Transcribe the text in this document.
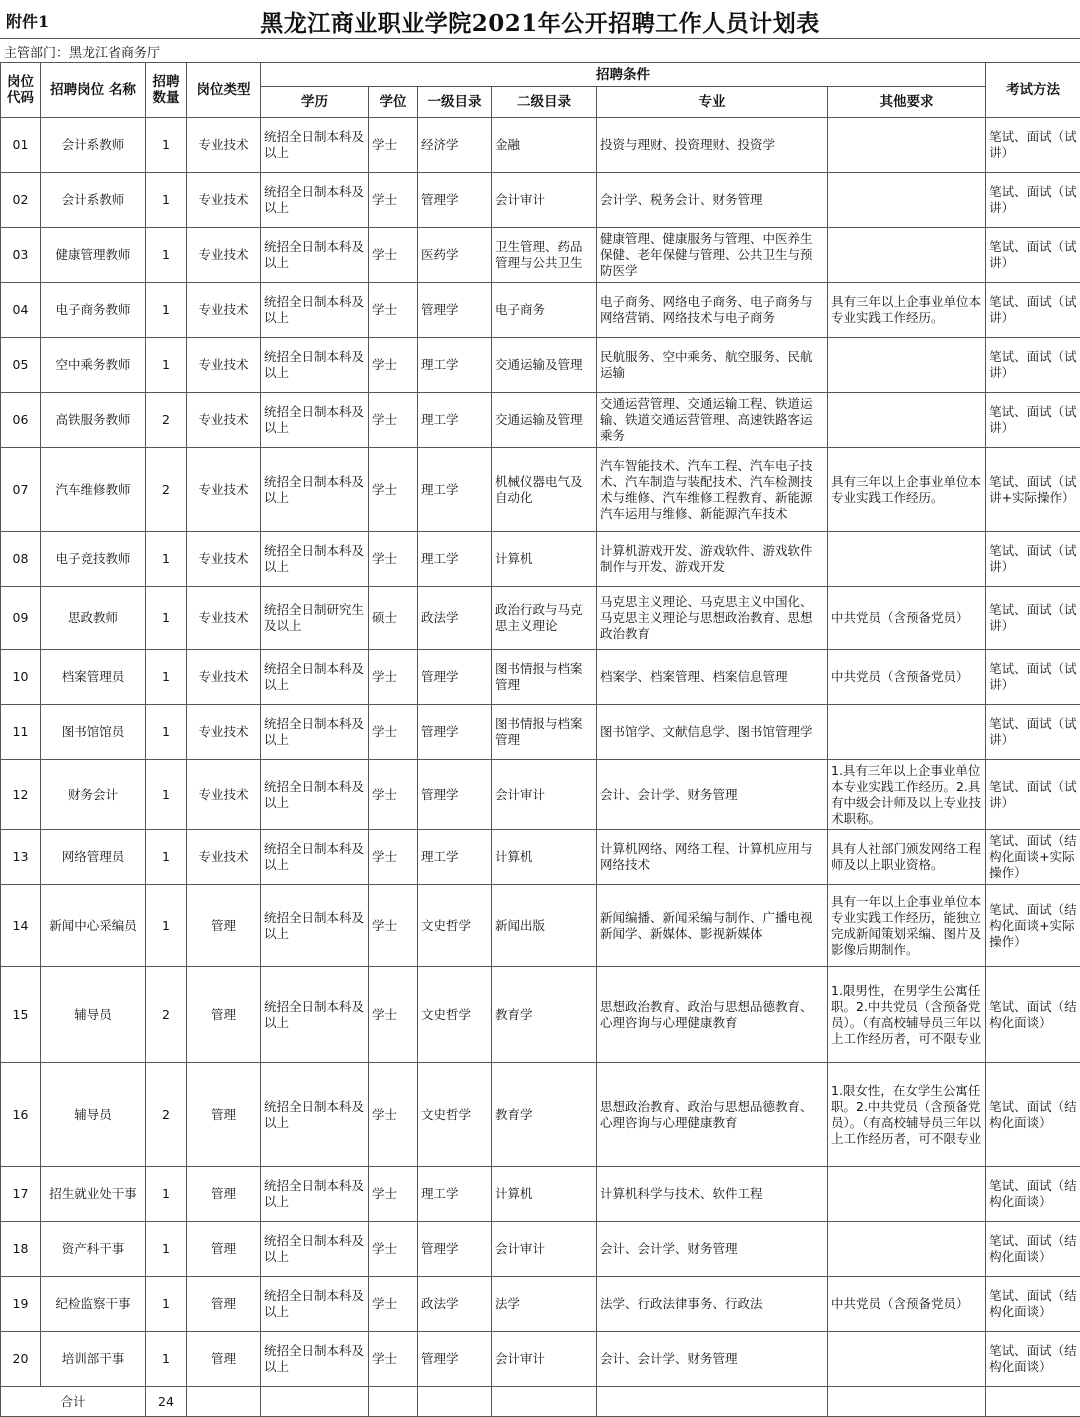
附件1	黑龙江商业职业学院2021年公开招聘工作人员计划表
主管部门：黑龙江省商务厅
岗位代码	招聘岗位 名称	招聘数量	岗位类型	招聘条件						考试方法
				学历	学位	一级目录	二级目录	专业	其他要求	

01	会计系教师	1	专业技术	统招全日制本科及以上	学士	经济学	金融	投资与理财、投资理财、投资学		笔试、面试（试讲）

02	会计系教师	1	专业技术	统招全日制本科及以上	学士	管理学	会计审计	会计学、税务会计、财务管理		笔试、面试（试讲）

03	健康管理教师	1	专业技术	统招全日制本科及以上	学士	医药学	卫生管理、药品管理与公共卫生	健康管理、健康服务与管理、中医养生保健、老年保健与管理、公共卫生与预防医学		笔试、面试（试讲）

04	电子商务教师	1	专业技术	统招全日制本科及以上	学士	管理学	电子商务	电子商务、网络电子商务、电子商务与网络营销、网络技术与电子商务	具有三年以上企事业单位本专业实践工作经历。	笔试、面试（试讲）

05	空中乘务教师	1	专业技术	统招全日制本科及以上	学士	理工学	交通运输及管理	民航服务、空中乘务、航空服务、民航运输		笔试、面试（试讲）

06	高铁服务教师	2	专业技术	统招全日制本科及以上	学士	理工学	交通运输及管理	交通运营管理、交通运输工程、铁道运输、铁道交通运营管理、高速铁路客运乘务		笔试、面试（试讲）

07	汽车维修教师	2	专业技术	统招全日制本科及以上	学士	理工学	机械仪器电气及自动化	汽车智能技术、汽车工程、汽车电子技术、汽车制造与装配技术、汽车检测技术与维修、汽车维修工程教育、新能源汽车运用与维修、新能源汽车技术	具有三年以上企事业单位本专业实践工作经历。	笔试、面试（试讲+实际操作）

08	电子竞技教师	1	专业技术	统招全日制本科及以上	学士	理工学	计算机	计算机游戏开发、游戏软件、游戏软件制作与开发、游戏开发		笔试、面试（试讲）

09	思政教师	1	专业技术	统招全日制研究生及以上	硕士	政法学	政治行政与马克思主义理论	马克思主义理论、马克思主义中国化、马克思主义理论与思想政治教育、思想政治教育	中共党员（含预备党员）	笔试、面试（试讲）

10	档案管理员	1	专业技术	统招全日制本科及以上	学士	管理学	图书情报与档案管理	档案学、档案管理、档案信息管理	中共党员（含预备党员）	笔试、面试（试讲）

11	图书馆馆员	1	专业技术	统招全日制本科及以上	学士	管理学	图书情报与档案管理	图书馆学、文献信息学、图书馆管理学		笔试、面试（试讲）

12	财务会计	1	专业技术	统招全日制本科及以上	学士	管理学	会计审计	会计、会计学、财务管理	1.具有三年以上企事业单位本专业实践工作经历。2.具有中级会计师及以上专业技术职称。	笔试、面试（试讲）

13	网络管理员	1	专业技术	统招全日制本科及以上	学士	理工学	计算机	计算机网络、网络工程、计算机应用与网络技术	具有人社部门颁发网络工程师及以上职业资格。	笔试、面试（结构化面谈+实际操作）

14	新闻中心采编员	1	管理	统招全日制本科及以上	学士	文史哲学	新闻出版	新闻编播、新闻采编与制作、广播电视新闻学、新媒体、影视新媒体	具有一年以上企事业单位本专业实践工作经历，能独立完成新闻策划采编、图片及影像后期制作。	笔试、面试（结构化面谈+实际操作）

15	辅导员	2	管理	统招全日制本科及以上	学士	文史哲学	教育学	思想政治教育、政治与思想品德教育、心理咨询与心理健康教育	1.限男性，在男学生公寓任职。2.中共党员（含预备党员）。（有高校辅导员三年以上工作经历者，可不限专业	笔试、面试（结构化面谈）

16	辅导员	2	管理	统招全日制本科及以上	学士	文史哲学	教育学	思想政治教育、政治与思想品德教育、心理咨询与心理健康教育	1.限女性，在女学生公寓任职。2.中共党员（含预备党员）。（有高校辅导员三年以上工作经历者，可不限专业	笔试、面试（结构化面谈）

17	招生就业处干事	1	管理	统招全日制本科及以上	学士	理工学	计算机	计算机科学与技术、软件工程		笔试、面试（结构化面谈）

18	资产科干事	1	管理	统招全日制本科及以上	学士	管理学	会计审计	会计、会计学、财务管理		笔试、面试（结构化面谈）

19	纪检监察干事	1	管理	统招全日制本科及以上	学士	政法学	法学	法学、行政法律事务、行政法	中共党员（含预备党员）	笔试、面试（结构化面谈）

20	培训部干事	1	管理	统招全日制本科及以上	学士	管理学	会计审计	会计、会计学、财务管理		笔试、面试（结构化面谈）

合计		24								
